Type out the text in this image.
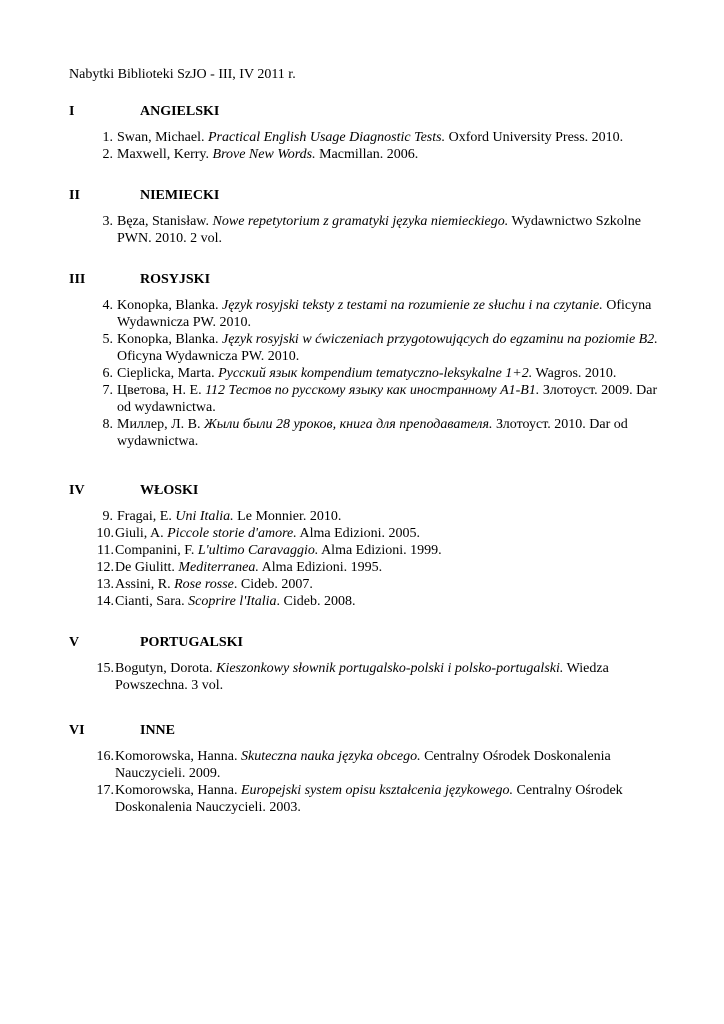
Nabytki Biblioteki SzJO - III, IV 2011 r.

I	ANGIELSKI
1. Swan, Michael. Practical English Usage Diagnostic Tests. Oxford University Press. 2010.
2. Maxwell, Kerry. Brove New Words. Macmillan. 2006.
II	NIEMIECKI
3. Bęza, Stanisław. Nowe repetytorium z gramatyki języka niemieckiego. Wydawnictwo Szkolne PWN. 2010. 2 vol.
III	ROSYJSKI
4. Konopka, Blanka. Język rosyjski teksty z testami na rozumienie ze słuchu i na czytanie. Oficyna Wydawnicza PW. 2010.
5. Konopka, Blanka. Język rosyjski w ćwiczeniach przygotowujących do egzaminu na poziomie B2. Oficyna Wydawnicza PW. 2010.
6. Cieplicka, Marta. Русский язык kompendium tematyczno-leksykalne 1+2. Wagros. 2010.
7. Цветова, Н. Е. 112 Тестов по русскому языку как иностранному A1-B1. Злотоуст. 2009. Dar od wydawnictwa.
8. Миллер, Л. В. Жыли были 28 уроков, книга для преподавателя. Злотоуст. 2010. Dar od wydawnictwa.
IV	WŁOSKI
9. Fragai, E. Uni Italia. Le Monnier. 2010.
10. Giuli, A. Piccole storie d'amore. Alma Edizioni. 2005.
11. Companini, F. L'ultimo Caravaggio. Alma Edizioni. 1999.
12. De Giulitt. Mediterranea. Alma Edizioni. 1995.
13. Assini, R. Rose rosse. Cideb. 2007.
14. Cianti, Sara. Scoprire l'Italia. Cideb. 2008.
V	PORTUGALSKI
15. Bogutyn, Dorota. Kieszonkowy słownik portugalsko-polski i polsko-portugalski. Wiedza Powszechna. 3 vol.
VI	INNE
16. Komorowska, Hanna. Skuteczna nauka języka obcego. Centralny Ośrodek Doskonalenia Nauczycieli. 2009.
17. Komorowska, Hanna. Europejski system opisu kształcenia językowego. Centralny Ośrodek Doskonalenia Nauczycieli. 2003.
